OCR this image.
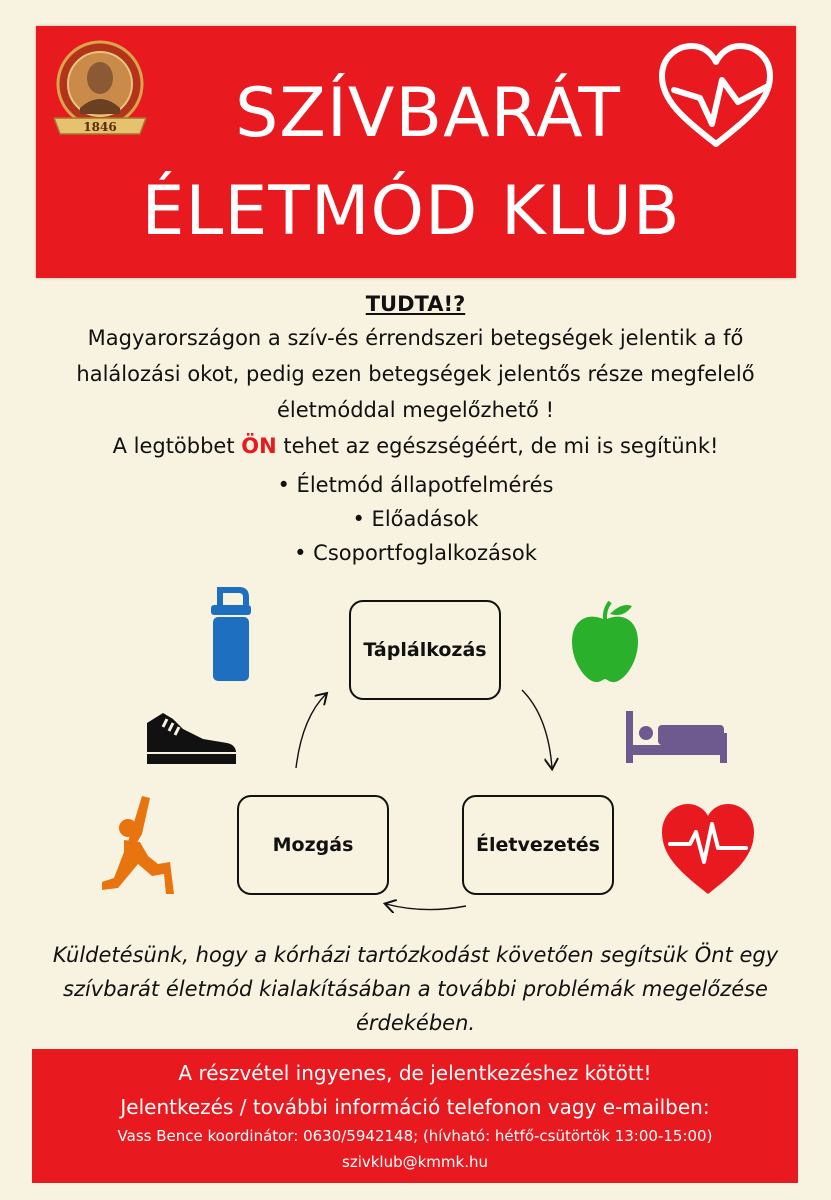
1846	SZÍVBARÁT
ÉLETMÓD KLUB
TUDTA!?
Magyarországon a szív-és érrendszeri betegségek jelentik a fő halálozási okot, pedig ezen betegségek jelentős része megfelelő életmóddal megelőzhető !
A legtöbbet ÖN tehet az egészségéért, de mi is segítünk!
• Életmód állapotfelmérés
• Előadások
• Csoportfoglalkozások
Táplálkozás
Mozgás	Életvezetés
Küldetésünk, hogy a kórházi tartózkodást követően segítsük Önt egy szívbarát életmód kialakításában a további problémák megelőzése érdekében.
A részvétel ingyenes, de jelentkezéshez kötött!
Jelentkezés / további információ telefonon vagy e-mailben:
Vass Bence koordinátor: 0630/5942148; (hívható: hétfő-csütörtök 13:00-15:00)
szivklub@kmmk.hu
